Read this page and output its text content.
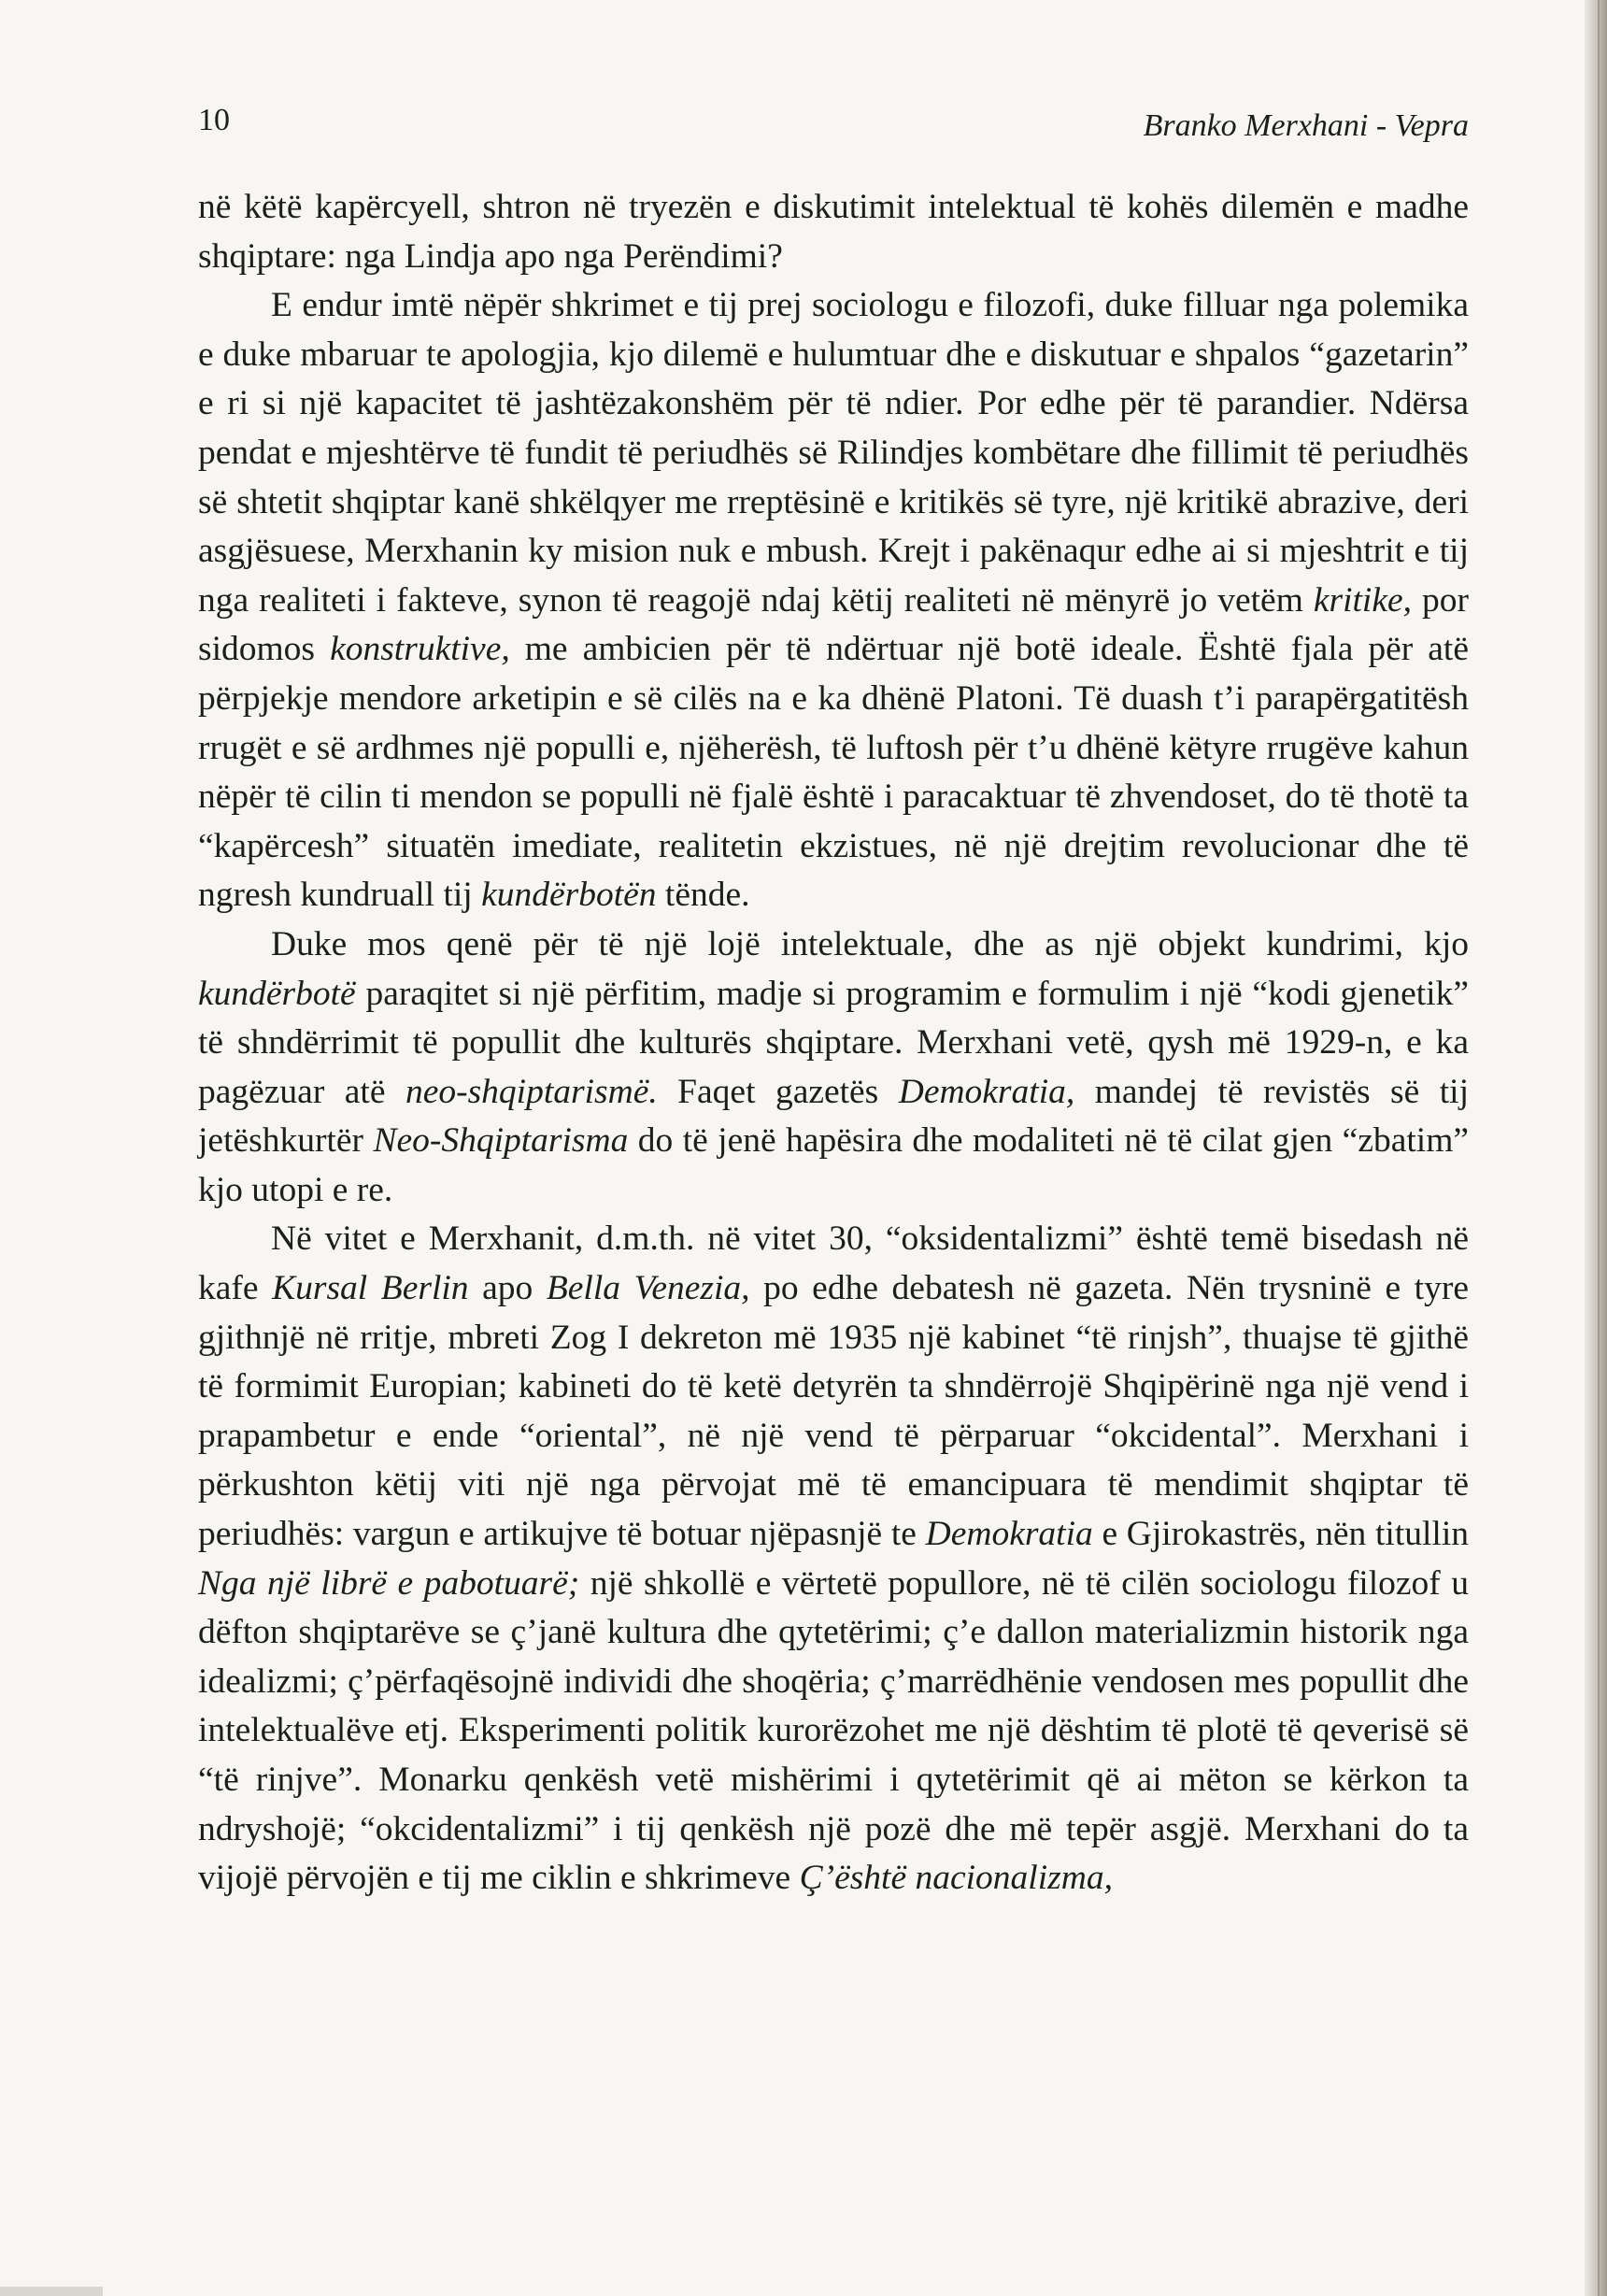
10	Branko Merxhani - Vepra

në këtë kapërcyell, shtron në tryezën e diskutimit intelektual të kohës dilemën e madhe shqiptare: nga Lindja apo nga Perëndimi?

E endur imtë nëpër shkrimet e tij prej sociologu e filozofi, duke filluar nga polemika e duke mbaruar te apologjia, kjo dilemë e hulumtuar dhe e diskutuar e shpalos “gazetarin” e ri si një kapacitet të jashtëzakonshëm për të ndier. Por edhe për të parandier. Ndërsa pendat e mjeshtërve të fundit të periudhës së Rilindjes kombëtare dhe fillimit të periudhës së shtetit shqiptar kanë shkëlqyer me rreptësinë e kritikës së tyre, një kritikë abrazive, deri asgjësuese, Merxhanin ky mision nuk e mbush. Krejt i pakënaqur edhe ai si mjeshtrit e tij nga realiteti i fakteve, synon të reagojë ndaj këtij realiteti në mënyrë jo vetëm kritike, por sidomos konstruktive, me ambicien për të ndërtuar një botë ideale. Është fjala për atë përpjekje mendore arketipin e së cilës na e ka dhënë Platoni. Të duash t’i parapërgatitësh rrugët e së ardhmes një populli e, njëherësh, të luftosh për t’u dhënë këtyre rrugëve kahun nëpër të cilin ti mendon se populli në fjalë është i paracaktuar të zhvendoset, do të thotë ta “kapërcesh” situatën imediate, realitetin ekzistues, në një drejtim revolucionar dhe të ngresh kundruall tij kundërbotën tënde.

Duke mos qenë për të një lojë intelektuale, dhe as një objekt kundrimi, kjo kundërbotë paraqitet si një përfitim, madje si programim e formulim i një “kodi gjenetik” të shndërrimit të popullit dhe kulturës shqiptare. Merxhani vetë, qysh më 1929-n, e ka pagëzuar atë neo-shqiptarismë. Faqet gazetës Demokratia, mandej të revistës së tij jetëshkurtër Neo-Shqiptarisma do të jenë hapësira dhe modaliteti në të cilat gjen “zbatim” kjo utopi e re.

Në vitet e Merxhanit, d.m.th. në vitet 30, “oksidentalizmi” është temë bisedash në kafe Kursal Berlin apo Bella Venezia, po edhe debatesh në gazeta. Nën trysninë e tyre gjithnjë në rritje, mbreti Zog I dekreton më 1935 një kabinet “të rinjsh”, thuajse të gjithë të formimit Europian; kabineti do të ketë detyrën ta shndërrojë Shqipërinë nga një vend i prapambetur e ende “oriental”, në një vend të përparuar “okcidental”. Merxhani i përkushton këtij viti një nga përvojat më të emancipuara të mendimit shqiptar të periudhës: vargun e artikujve të botuar njëpasnjë te Demokratia e Gjirokastrës, nën titullin Nga një librë e pabotuarë; një shkollë e vërtetë popullore, në të cilën sociologu filozof u dëfton shqiptarëve se ç’janë kultura dhe qytetërimi; ç’e dallon materializmin historik nga idealizmi; ç’përfaqësojnë individi dhe shoqëria; ç’marrëdhënie vendosen mes popullit dhe intelektualëve etj. Eksperimenti politik kurorëzohet me një dështim të plotë të qeverisë së “të rinjve”. Monarku qenkësh vetë mishërimi i qytetërimit që ai mëton se kërkon ta ndryshojë; “okcidentalizmi” i tij qenkësh një pozë dhe më tepër asgjë. Merxhani do ta vijojë përvojën e tij me ciklin e shkrimeve Ç’është nacionalizma,
